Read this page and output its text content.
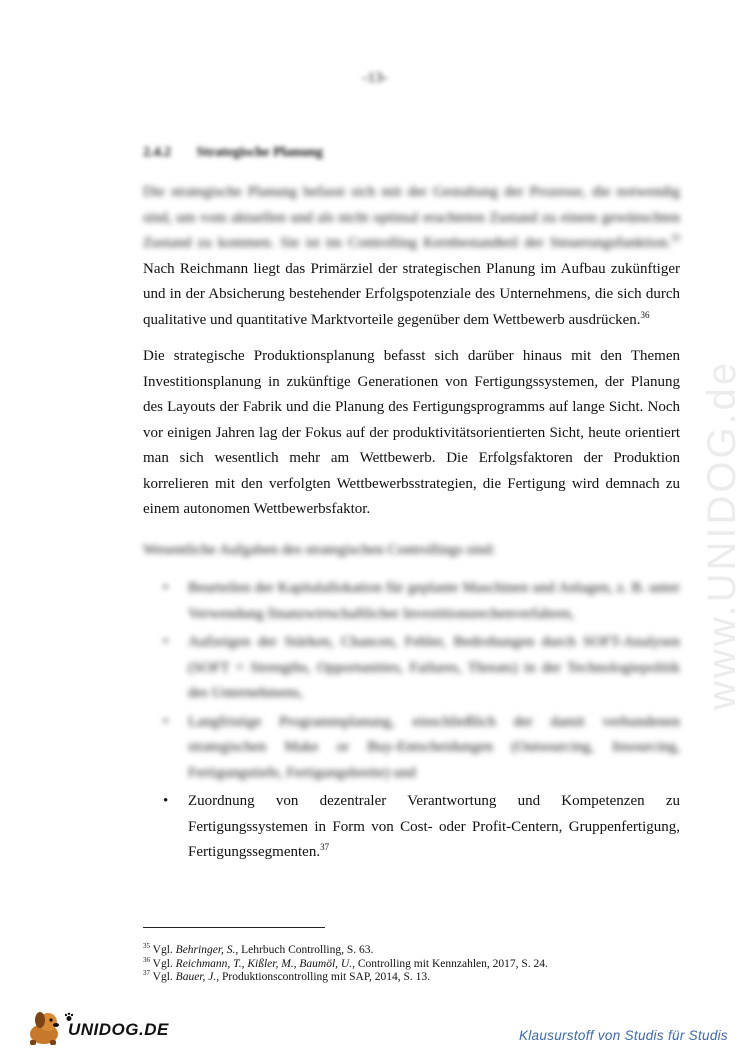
www.UNIDOG.de
-13-
2.4.2 Strategische Planung
Die strategische Planung befasst sich mit der Gestaltung der Prozesse, die notwendig sind, um vom aktuellen und als nicht optimal erachteten Zustand zu einem gewünschten Zustand zu kommen. Sie ist im Controlling Kernbestandteil der Steuerungsfunktion.$^{35}$ Nach Reichmann liegt das Primärziel der strategischen Planung im Aufbau zukünftiger und in der Absicherung bestehender Erfolgspotenziale des Unternehmens, die sich durch qualitative und quantitative Marktvorteile gegenüber dem Wettbewerb ausdrücken.$^{36}$
Die strategische Produktionsplanung befasst sich darüber hinaus mit den Themen Investitionsplanung in zukünftige Generationen von Fertigungssystemen, der Planung des Layouts der Fabrik und die Planung des Fertigungsprogramms auf lange Sicht. Noch vor einigen Jahren lag der Fokus auf der produktivitätsorientierten Sicht, heute orientiert man sich wesentlich mehr am Wettbewerb. Die Erfolgsfaktoren der Produktion korrelieren mit den verfolgten Wettbewerbsstrategien, die Fertigung wird demnach zu einem autonomen Wettbewerbsfaktor.
Wesentliche Aufgaben des strategischen Controllings sind:
• Beurteilen der Kapitalallokation für geplante Maschinen und Anlagen, z. B. unter Verwendung finanzwirtschaftlicher Investitionsrechenverfahren,
• Aufzeigen der Stärken, Chancen, Fehler, Bedrohungen durch SOFT-Analysen (SOFT = Strengths, Opportunities, Failures, Threats) in der Technologiepolitik des Unternehmens,
• Langfristige Programmplanung, einschließlich der damit verbundenen strategischen Make or Buy-Entscheidungen (Outsourcing, Insourcing, Fertigungstiefe, Fertigungsbreite) und
• Zuordnung von dezentraler Verantwortung und Kompetenzen zu Fertigungssystemen in Form von Cost- oder Profit-Centern, Gruppenfertigung, Fertigungssegmenten.$^{37}$
$^{35}$ Vgl. Behringer, S., Lehrbuch Controlling, S. 63.
$^{36}$ Vgl. Reichmann, T., Kißler, M., Baumöl, U., Controlling mit Kennzahlen, 2017, S. 24.
$^{37}$ Vgl. Bauer, J., Produktionscontrolling mit SAP, 2014, S. 13.
UNIDOG.DE	Klausurstoff von Studis für Studis
